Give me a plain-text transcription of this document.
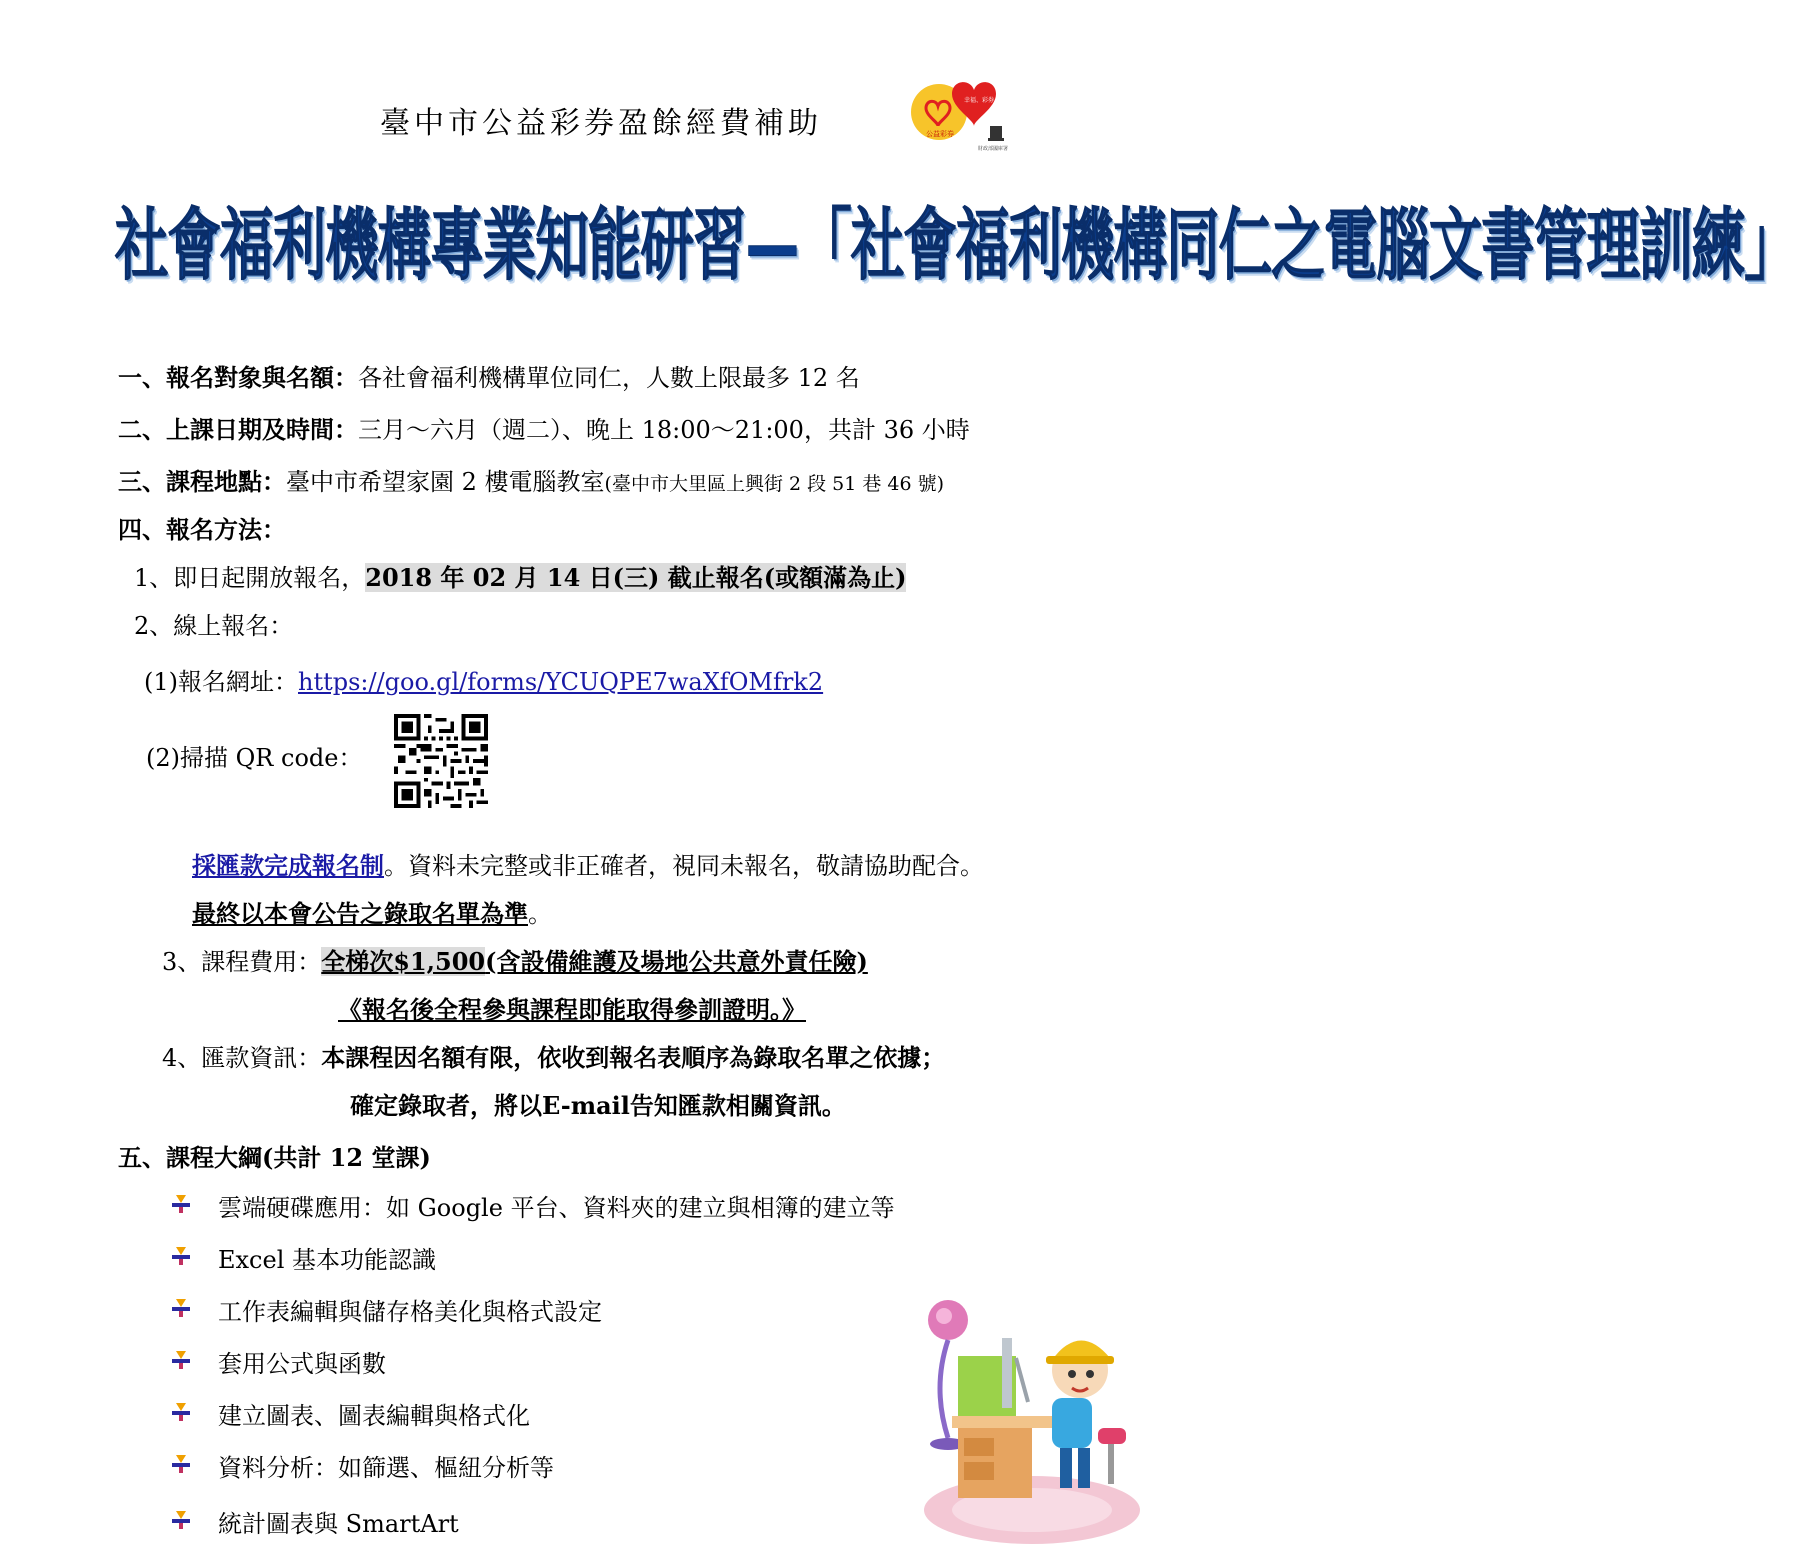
臺中市公益彩券盈餘經費補助
幸福、彩券、福
公益彩券
財政部國庫署
社會福利機構專業知能研習—「社會福利機構同仁之電腦文書管理訓練」
一、報名對象與名額：各社會福利機構單位同仁，人數上限最多 12 名
二、上課日期及時間：三月～六月（週二）、晚上 18:00～21:00，共計 36 小時
三、課程地點：臺中市希望家園 2 樓電腦教室(臺中市大里區上興街 2 段 51 巷 46 號)
四、報名方法：
1、即日起開放報名，2018 年 02 月 14 日(三) 截止報名(或額滿為止)
2、線上報名：
(1)報名網址：https://goo.gl/forms/YCUQPE7waXfOMfrk2
(2)掃描 QR code：
採匯款完成報名制。資料未完整或非正確者，視同未報名，敬請協助配合。
最終以本會公告之錄取名單為準。
3、課程費用：全梯次$1,500(含設備維護及場地公共意外責任險)
《報名後全程參與課程即能取得參訓證明。》
4、匯款資訊：本課程因名額有限，依收到報名表順序為錄取名單之依據；
確定錄取者，將以E-mail告知匯款相關資訊。
五、課程大綱(共計 12 堂課)
雲端硬碟應用：如 Google 平台、資料夾的建立與相簿的建立等
Excel 基本功能認識
工作表編輯與儲存格美化與格式設定
套用公式與函數
建立圖表、圖表編輯與格式化
資料分析：如篩選、樞紐分析等
統計圖表與 SmartArt
